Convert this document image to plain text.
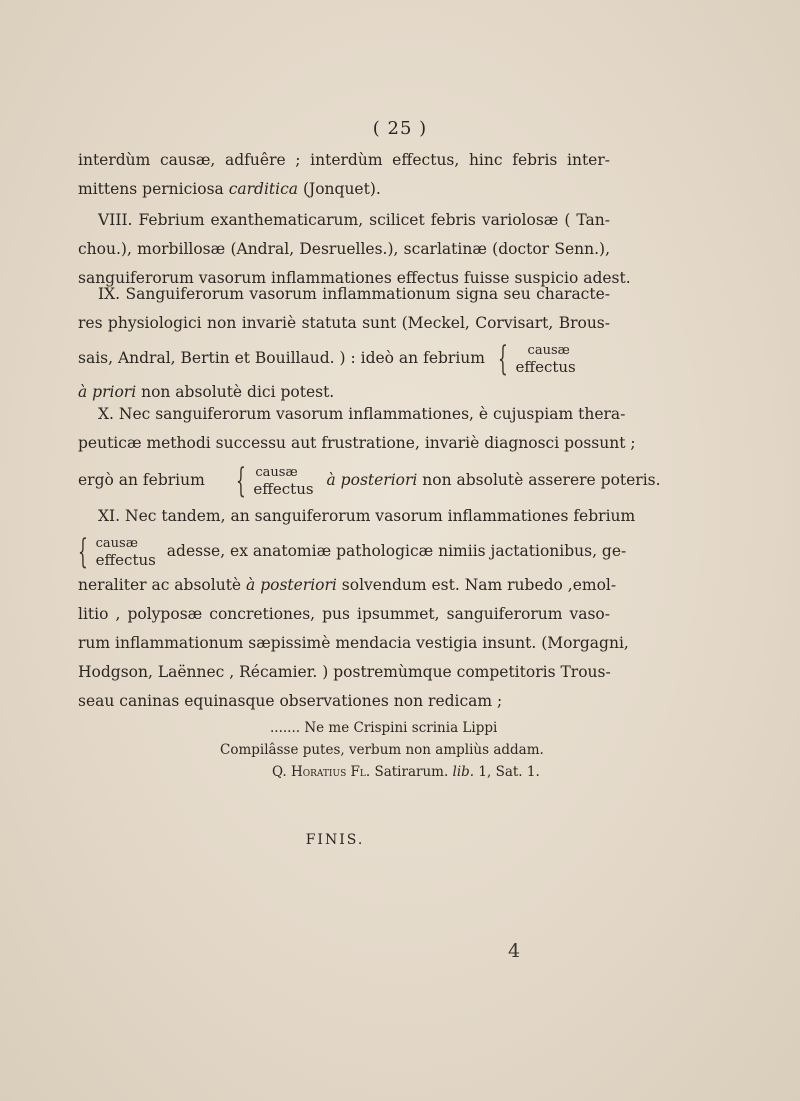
( 25 )
interdùm causæ, adfuêre ; interdùm effectus, hinc febris inter-
mittens perniciosa carditica (Jonquet).
VIII. Febrium exanthematicarum, scilicet febris variolosæ ( Tan-
chou.), morbillosæ (Andral, Desruelles.), scarlatinæ (doctor Senn.),
sanguiferorum vasorum inflammationes effectus fuisse suspicio adest.
IX. Sanguiferorum vasorum inflammationum signa seu characte-
res physiologici non invariè statuta sunt (Meckel, Corvisart, Brous-
sais, Andral, Bertin et Bouillaud. ) : ideò an febrium {	causæ
effectus
à priori non absolutè dici potest.
X. Nec sanguiferorum vasorum inflammationes, è cujuspiam thera-
peuticæ methodi successu aut frustratione, invariè diagnosci possunt ;
ergò an febrium { causæ
effectus à posteriori non absolutè asserere poteris.
XI. Nec tandem, an sanguiferorum vasorum inflammationes febrium
{ causæ
effectus adesse, ex anatomiæ pathologicæ nimiis jactationibus, ge-
neraliter ac absolutè à posteriori solvendum est. Nam rubedo ,emol-
litio , polyposæ concretiones, pus ipsummet, sanguiferorum vaso-
rum inflammationum sæpissimè mendacia vestigia insunt. (Morgagni,
Hodgson, Laënnec , Récamier. ) postremùmque competitoris Trous-
seau caninas equinasque observationes non redicam ;
....... Ne me Crispini scrinia Lippi
Compilâsse putes, verbum non ampliùs addam.
Q. Horatius Fl. Satirarum. lib. 1, Sat. 1.
FINIS.
4
